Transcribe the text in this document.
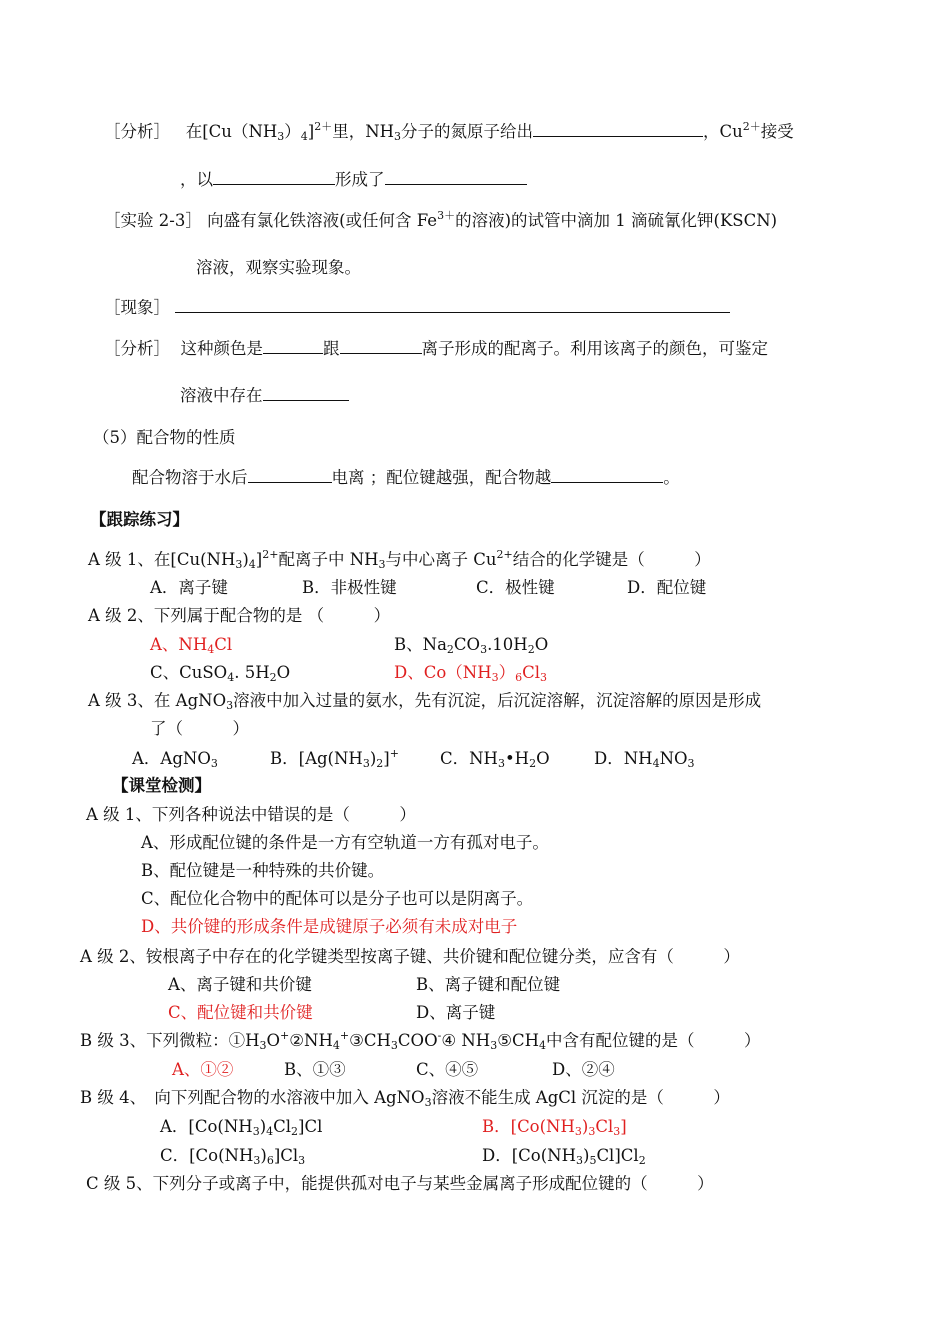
［分析］ 在$[Cu(NH_3)_4]^{2+}$里，$NH_3$分子的氮原子给出	，$Cu^{2+}$接受
，以	形成了
［实验 2-3］ 向盛有氯化铁溶液(或任何含 $Fe^{3+}$的溶液)的试管中滴加 1 滴硫氰化钾(KSCN)
溶液，观察实验现象。
［现象］
［分析］ 这种颜色是	跟	离子形成的配离子。利用该离子的颜色，可鉴定
溶液中存在
（5）配合物的性质
配合物溶于水后	电离 ；配位键越强，配合物越	。
【跟踪练习】
A 级 1、在$[Cu(NH_3)_4]^{2+}$配离子中 $NH_3$与中心离子 $Cu^{2+}$结合的化学键是（　　　）
A．离子键	B．非极性键	C．极性键	D．配位键
A 级 2、下列属于配合物的是 （　　　）
A、$NH_4Cl$	B、$Na_2CO_3.10H_2O$
C、CuSO$_4$. $5H_2O$	D、$Co(NH_3)_6Cl_3$
A 级 3、在 AgNO$_3$溶液中加入过量的氨水，先有沉淀，后沉淀溶解，沉淀溶解的原因是形成
了（　　　）
A．AgNO$_3$	B．$[Ag(NH_3)_2]^+$ C．$NH_3•H_2O$	D．$NH_4NO_3$
【课堂检测】
A 级 1、下列各种说法中错误的是（　　　）
A、形成配位键的条件是一方有空轨道一方有孤对电子。
B、配位键是一种特殊的共价键。
C、配位化合物中的配体可以是分子也可以是阴离子。
D、共价键的形成条件是成键原子必须有未成对电子
A 级 2、铵根离子中存在的化学键类型按离子键、共价键和配位键分类，应含有（　　　）
A、离子键和共价键	B、离子键和配位键
C、配位键和共价键	D、离子键
B 级 3、下列微粒：$①H_3O^+②NH_4^+③CH_3COO^-④$ $NH_3⑤CH_4$中含有配位键的是（　　　）
A、①②	B、①③	C、④⑤	D、②④
B 级 4、　向下列配合物的水溶液中加入 AgNO$_3$溶液不能生成 AgCl 沉淀的是（　　　）
A．$[Co(NH_3)_4Cl_2]Cl$	B．$[Co(NH_3)_3Cl_3]$
C．$[Co(NH_3)_6]Cl_3$	D．$[Co(NH_3)_5Cl]Cl_2$
C 级 5、下列分子或离子中，能提供孤对电子与某些金属离子形成配位键的（　　　）
